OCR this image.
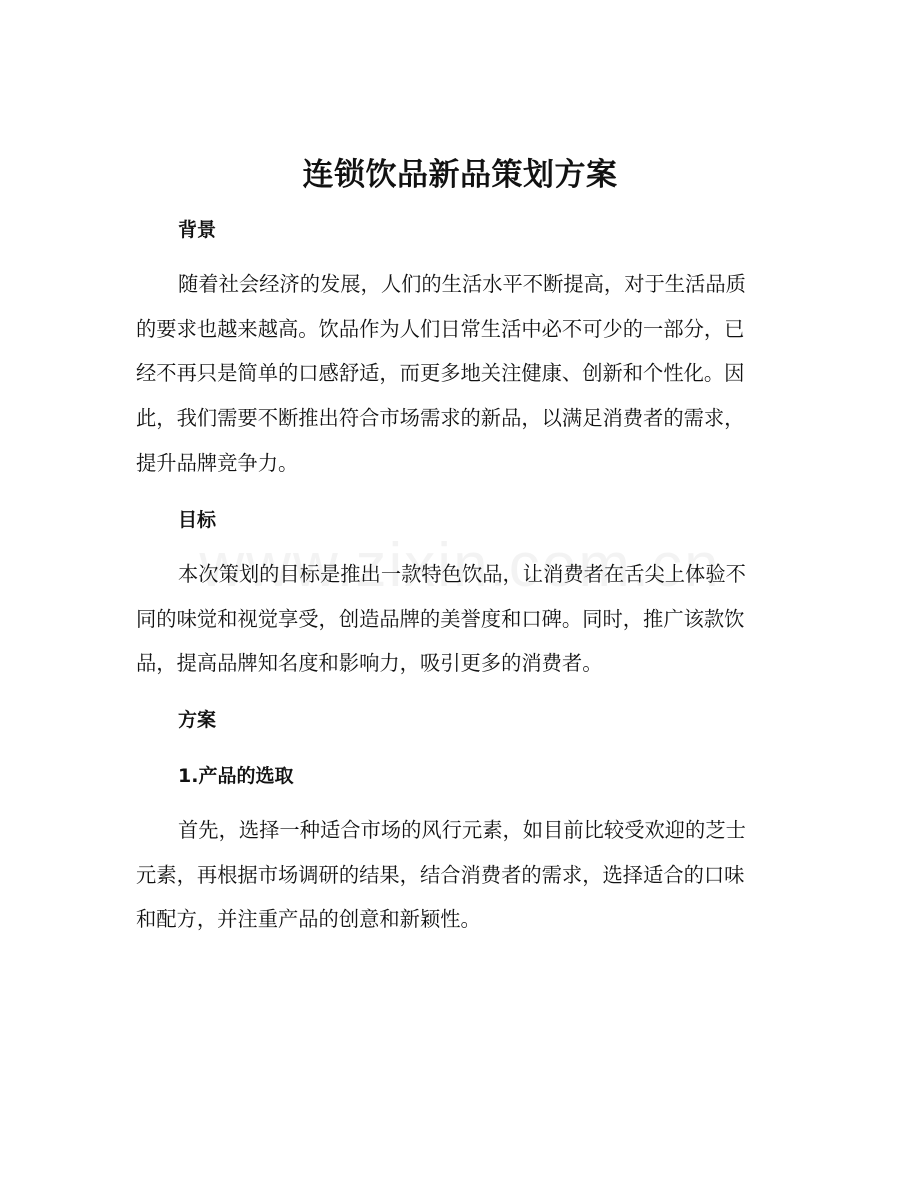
连锁饮品新品策划方案
背景
随着社会经济的发展，人们的生活水平不断提高，对于生活品质
的要求也越来越高。饮品作为人们日常生活中必不可少的一部分，已
经不再只是简单的口感舒适，而更多地关注健康、创新和个性化。因
此，我们需要不断推出符合市场需求的新品，以满足消费者的需求，
提升品牌竞争力。
目标
本次策划的目标是推出一款特色饮品，让消费者在舌尖上体验不
同的味觉和视觉享受，创造品牌的美誉度和口碑。同时，推广该款饮
品，提高品牌知名度和影响力，吸引更多的消费者。
方案
1.产品的选取
首先，选择一种适合市场的风行元素，如目前比较受欢迎的芝士
元素，再根据市场调研的结果，结合消费者的需求，选择适合的口味
和配方，并注重产品的创意和新颖性。
